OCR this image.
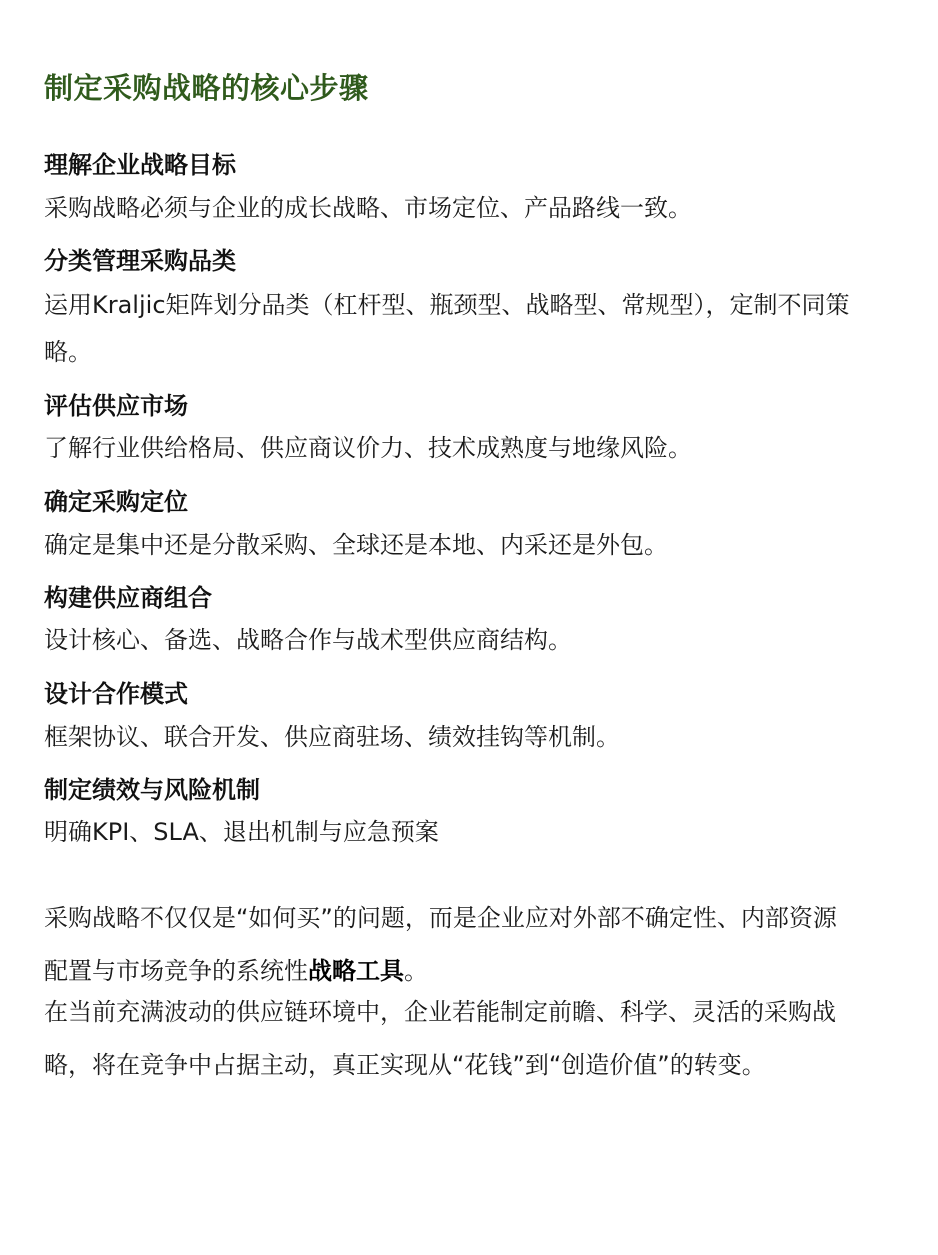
制定采购战略的核心步骤
理解企业战略目标
采购战略必须与企业的成长战略、市场定位、产品路线一致。
分类管理采购品类
运用Kraljic矩阵划分品类（杠杆型、瓶颈型、战略型、常规型），定制不同策略。
评估供应市场
了解行业供给格局、供应商议价力、技术成熟度与地缘风险。
确定采购定位
确定是集中还是分散采购、全球还是本地、内采还是外包。
构建供应商组合
设计核心、备选、战略合作与战术型供应商结构。
设计合作模式
框架协议、联合开发、供应商驻场、绩效挂钩等机制。
制定绩效与风险机制
明确KPI、SLA、退出机制与应急预案
采购战略不仅仅是“如何买”的问题，而是企业应对外部不确定性、内部资源配置与市场竞争的系统性战略工具。
在当前充满波动的供应链环境中，企业若能制定前瞻、科学、灵活的采购战略，将在竞争中占据主动，真正实现从“花钱”到“创造价值”的转变。
